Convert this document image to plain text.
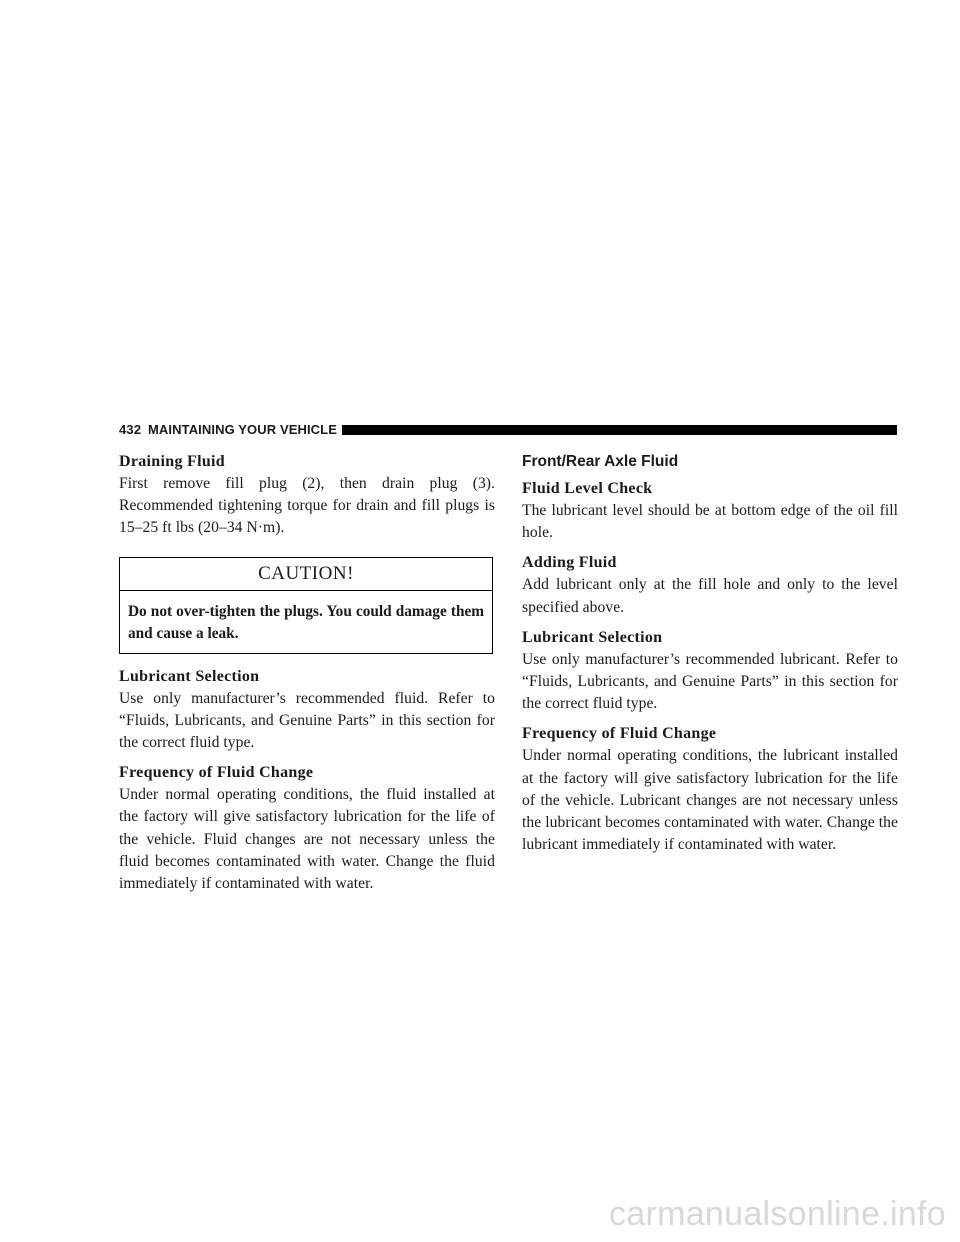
432 MAINTAINING YOUR VEHICLE
Draining Fluid

First remove fill plug (2), then drain plug (3). Recommended tightening torque for drain and fill plugs is 15–25 ft lbs (20–34 N·m).

CAUTION!
Do not over-tighten the plugs. You could damage them and cause a leak.
Lubricant Selection

Use only manufacturer’s recommended fluid. Refer to “Fluids, Lubricants, and Genuine Parts” in this section for the correct fluid type.

Frequency of Fluid Change

Under normal operating conditions, the fluid installed at the factory will give satisfactory lubrication for the life of the vehicle. Fluid changes are not necessary unless the fluid becomes contaminated with water. Change the fluid immediately if contaminated with water.

Front/Rear Axle Fluid
Fluid Level Check

The lubricant level should be at bottom edge of the oil fill hole.

Adding Fluid

Add lubricant only at the fill hole and only to the level specified above.

Lubricant Selection

Use only manufacturer’s recommended lubricant. Refer to “Fluids, Lubricants, and Genuine Parts” in this section for the correct fluid type.

Frequency of Fluid Change

Under normal operating conditions, the lubricant installed at the factory will give satisfactory lubrication for the life of the vehicle. Lubricant changes are not necessary unless the lubricant becomes contaminated with water. Change the lubricant immediately if contaminated with water.

carmanualsonline.info
